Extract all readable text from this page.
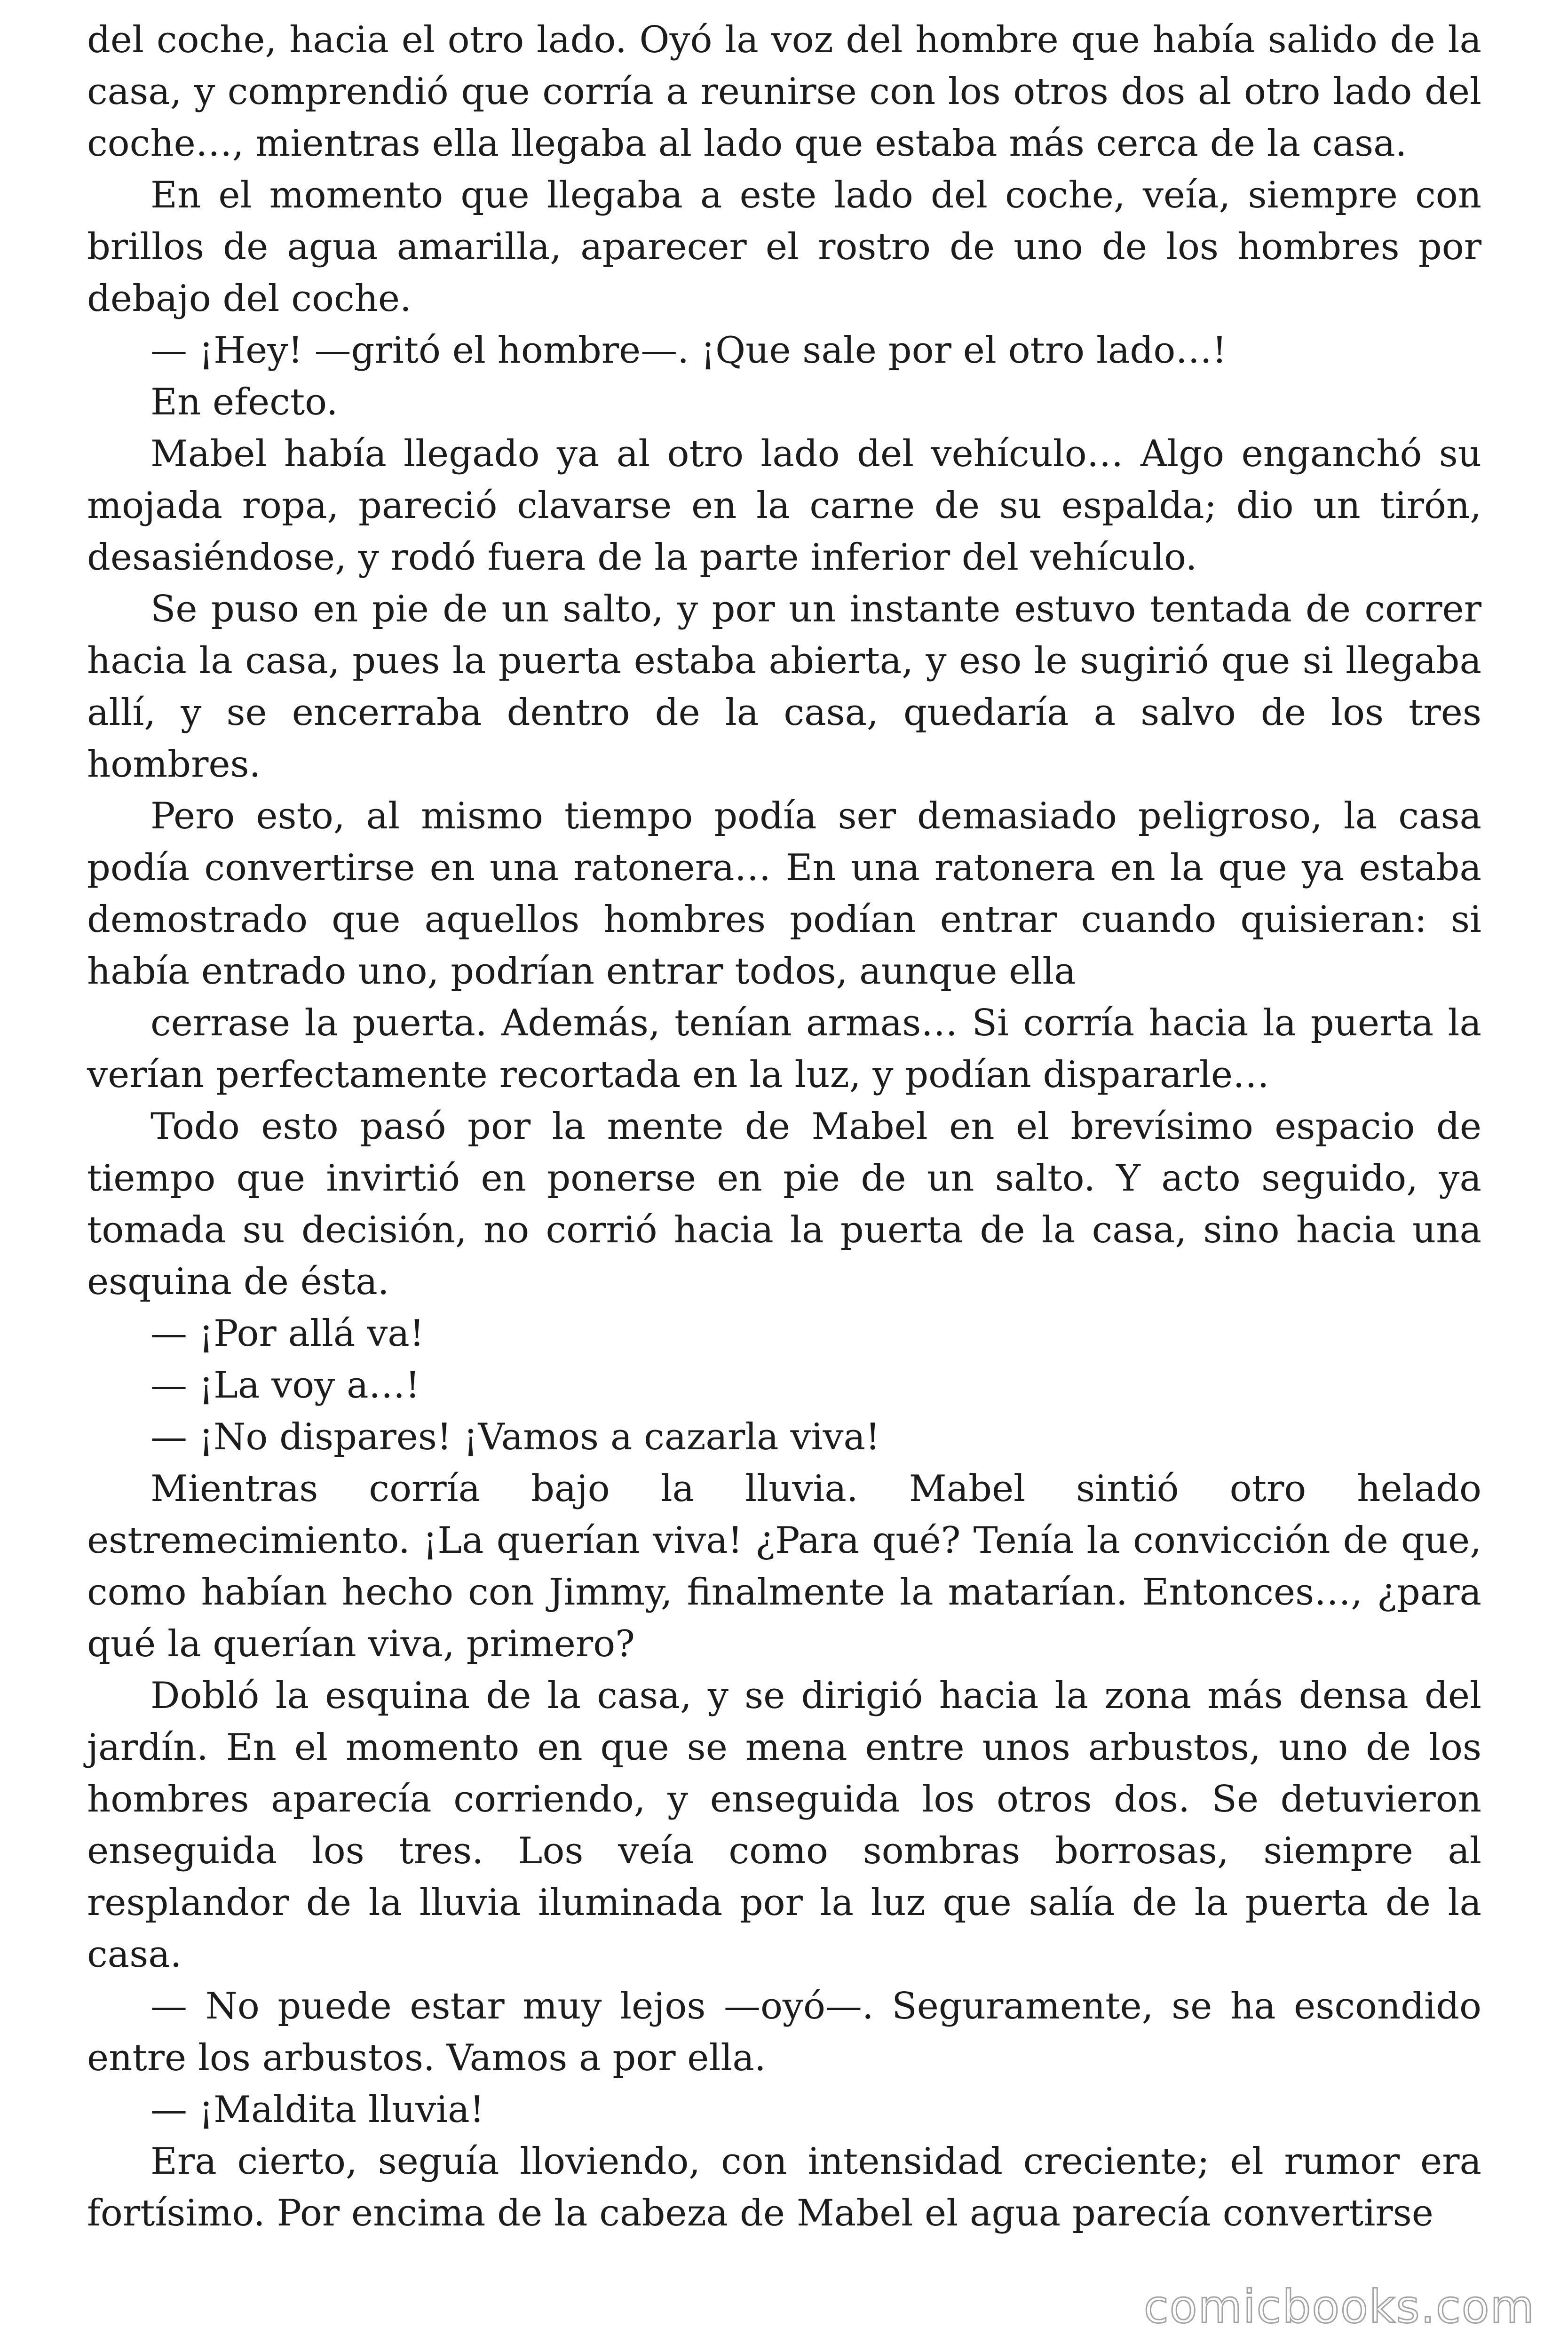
del coche, hacia el otro lado. Oyó la voz del hombre que había salido de la casa, y comprendió que corría a reunirse con los otros dos al otro lado del coche…, mientras ella llegaba al lado que estaba más cerca de la casa.

En el momento que llegaba a este lado del coche, veía, siempre con brillos de agua amarilla, aparecer el rostro de uno de los hombres por debajo del coche.

— ¡Hey! —gritó el hombre—. ¡Que sale por el otro lado…!

En efecto.

Mabel había llegado ya al otro lado del vehículo… Algo enganchó su mojada ropa, pareció clavarse en la carne de su espalda; dio un tirón, desasiéndose, y rodó fuera de la parte inferior del vehículo.

Se puso en pie de un salto, y por un instante estuvo tentada de correr hacia la casa, pues la puerta estaba abierta, y eso le sugirió que si llegaba allí, y se encerraba dentro de la casa, quedaría a salvo de los tres hombres.

Pero esto, al mismo tiempo podía ser demasiado peligroso, la casa podía convertirse en una ratonera… En una ratonera en la que ya estaba demostrado que aquellos hombres podían entrar cuando quisieran: si había entrado uno, podrían entrar todos, aunque ella

cerrase la puerta. Además, tenían armas… Si corría hacia la puerta la verían perfectamente recortada en la luz, y podían dispararle…

Todo esto pasó por la mente de Mabel en el brevísimo espacio de tiempo que invirtió en ponerse en pie de un salto. Y acto seguido, ya tomada su decisión, no corrió hacia la puerta de la casa, sino hacia una esquina de ésta.

— ¡Por allá va!

— ¡La voy a…!

— ¡No dispares! ¡Vamos a cazarla viva!

Mientras corría bajo la lluvia. Mabel sintió otro helado estremecimiento. ¡La querían viva! ¿Para qué? Tenía la convicción de que, como habían hecho con Jimmy, finalmente la matarían. Entonces…, ¿para qué la querían viva, primero?

Dobló la esquina de la casa, y se dirigió hacia la zona más densa del jardín. En el momento en que se mena entre unos arbustos, uno de los hombres aparecía corriendo, y enseguida los otros dos. Se detuvieron enseguida los tres. Los veía como sombras borrosas, siempre al resplandor de la lluvia iluminada por la luz que salía de la puerta de la casa.

— No puede estar muy lejos —oyó—. Seguramente, se ha escondido entre los arbustos. Vamos a por ella.

— ¡Maldita lluvia!

Era cierto, seguía lloviendo, con intensidad creciente; el rumor era fortísimo. Por encima de la cabeza de Mabel el agua parecía convertirse

comicbooks.com
